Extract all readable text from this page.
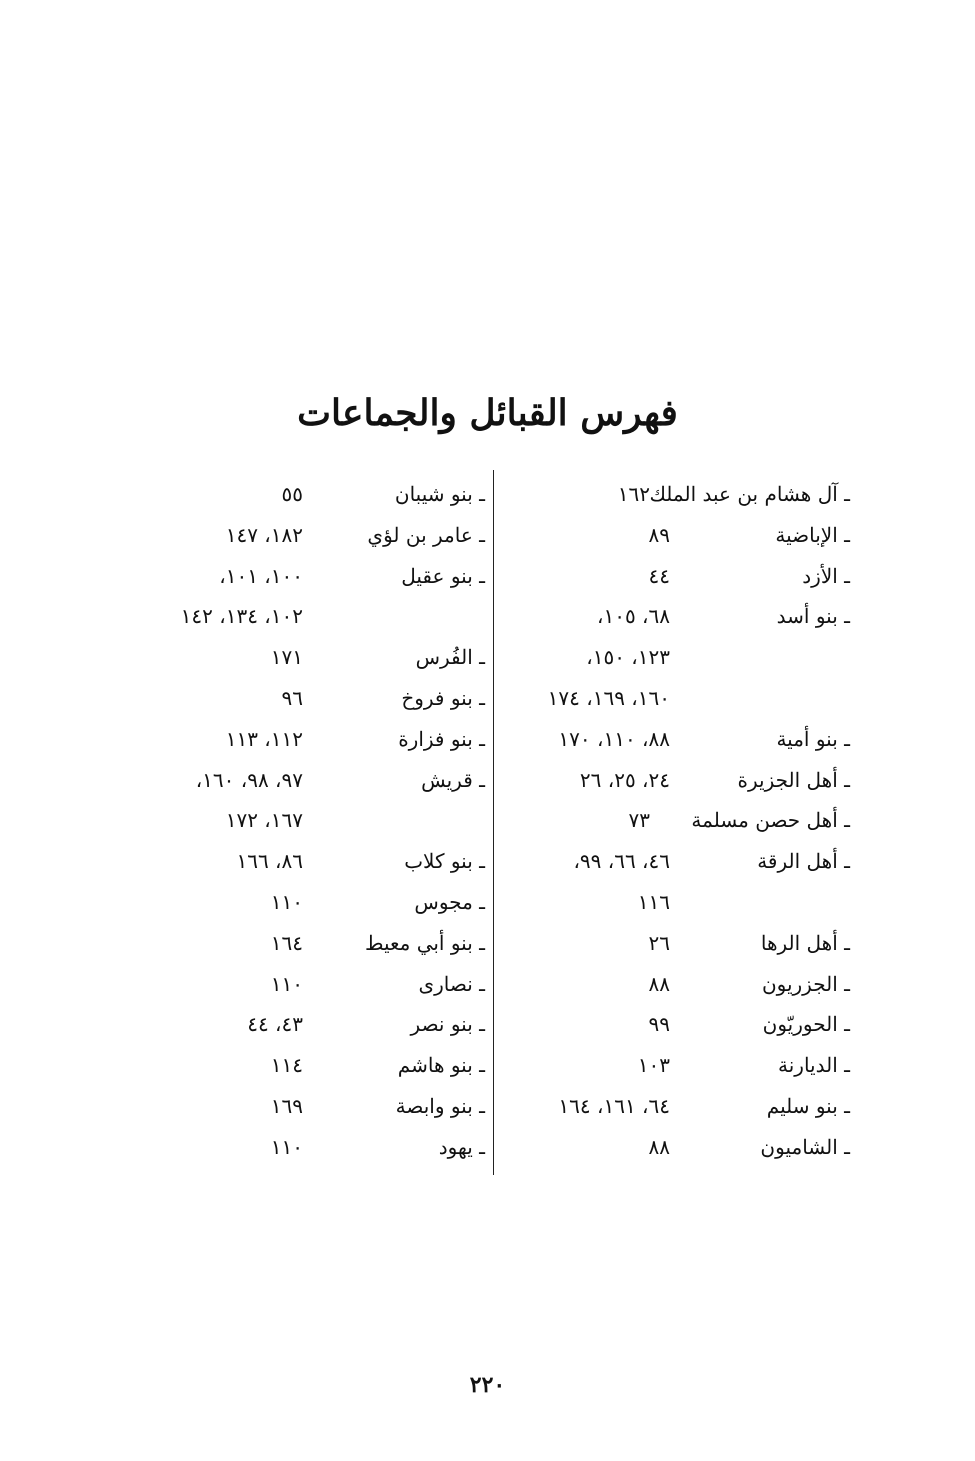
فهرس القبائل والجماعات
ـ آل هشام بن عبد الملك
١٦٢
ـ الإباضية
٨٩
ـ الأزد
٤٤
ـ بنو أسد
٦٨، ١٠٥،
١٢٣، ١٥٠،
١٦٠، ١٦٩، ١٧٤
ـ بنو أمية
٨٨، ١١٠، ١٧٠
ـ أهل الجزيرة
٢٤، ٢٥، ٢٦
ـ أهل حصن مسلمة
٧٣
ـ أهل الرقة
٤٦، ٦٦، ٩٩،
١١٦
ـ أهل الرها
٢٦
ـ الجزريون
٨٨
ـ الحوريّون
٩٩
ـ الديارنة
١٠٣
ـ بنو سليم
٦٤، ١٦١، ١٦٤
ـ الشاميون
٨٨
ـ بنو شيبان
٥٥
ـ عامر بن لؤي
١٨٢، ١٤٧
ـ بنو عقيل
١٠٠، ١٠١،
١٠٢، ١٣٤، ١٤٢
ـ الفُرس
١٧١
ـ بنو فروخ
٩٦
ـ بنو فزارة
١١٢، ١١٣
ـ قريش
٩٧، ٩٨، ١٦٠،
١٦٧، ١٧٢
ـ بنو كلاب
٨٦، ١٦٦
ـ مجوس
١١٠
ـ بنو أبي معيط
١٦٤
ـ نصارى
١١٠
ـ بنو نصر
٤٣، ٤٤
ـ بنو هاشم
١١٤
ـ بنو وابصة
١٦٩
ـ يهود
١١٠
٢٢٠
